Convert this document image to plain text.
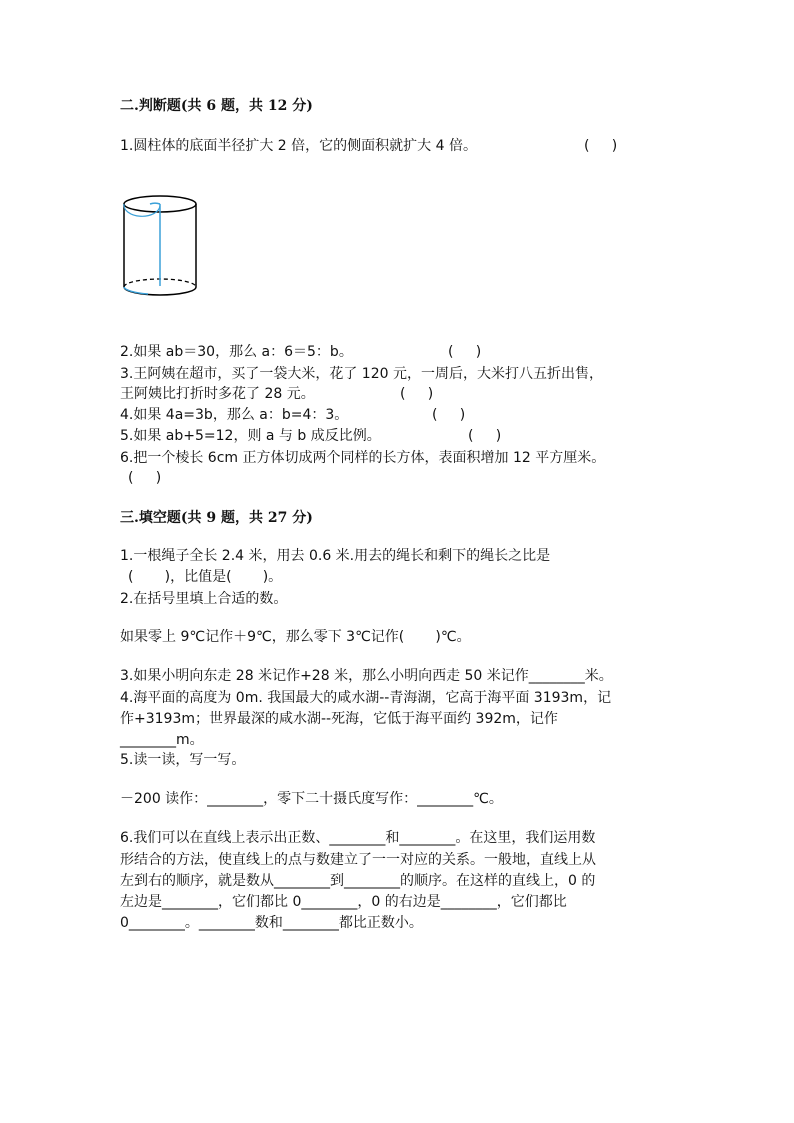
二.判断题(共 6 题，共 12 分)
1.圆柱体的底面半径扩大 2 倍，它的侧面积就扩大 4 倍。	(     )
2.如果 ab＝30，那么 a：6＝5：b。	(     )
3.王阿姨在超市，买了一袋大米，花了 120 元，一周后，大米打八五折出售，
王阿姨比打折时多花了 28 元。	(     )
4.如果 4a=3b，那么 a：b=4：3。	(     )
5.如果 ab+5=12，则 a 与 b 成反比例。	(     )
6.把一个棱长 6cm 正方体切成两个同样的长方体，表面积增加 12 平方厘米。
(     )
三.填空题(共 9 题，共 27 分)
1.一根绳子全长 2.4 米，用去 0.6 米.用去的绳长和剩下的绳长之比是
(       )，比值是(       )。
2.在括号里填上合适的数。
如果零上 9℃记作＋9℃，那么零下 3℃记作(       )℃。
3.如果小明向东走 28 米记作+28 米，那么小明向西走 50 米记作________米。
4.海平面的高度为 0m. 我国最大的咸水湖--青海湖，它高于海平面 3193m，记
作+3193m；世界最深的咸水湖--死海，它低于海平面约 392m，记作
________m。
5.读一读，写一写。
－200 读作：________，零下二十摄氏度写作：________℃。
6.我们可以在直线上表示出正数、________和________。在这里，我们运用数
形结合的方法，使直线上的点与数建立了一一对应的关系。一般地，直线上从
左到右的顺序，就是数从________到________的顺序。在这样的直线上，0 的
左边是________，它们都比 0________，0 的右边是________，它们都比
0________。________数和________都比正数小。
